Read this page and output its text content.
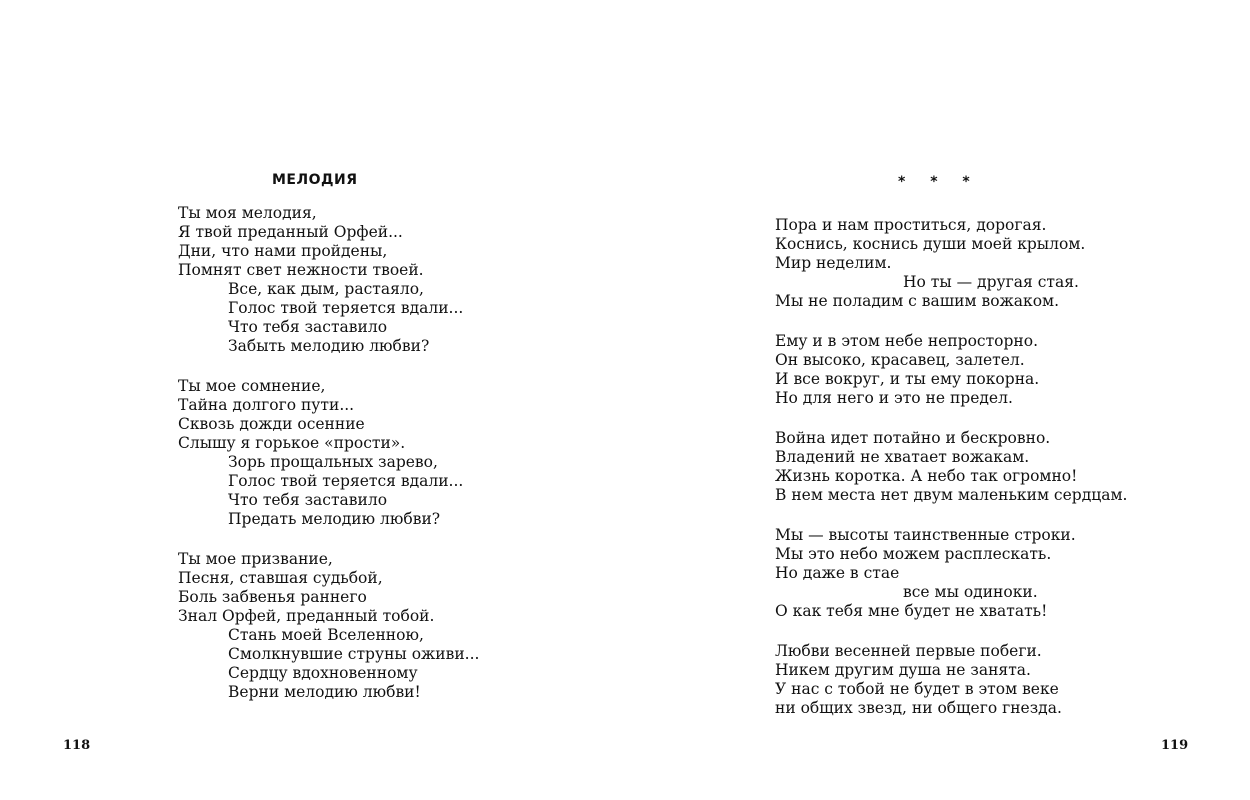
МЕЛОДИЯ
Ты моя мелодия,
Я твой преданный Орфей...
Дни, что нами пройдены,
Помнят свет нежности твоей.
Все, как дым, растаяло,
Голос твой теряется вдали...
Что тебя заставило
Забыть мелодию любви?
Ты мое сомнение,
Тайна долгого пути...
Сквозь дожди осенние
Слышу я горькое «прости».
Зорь прощальных зарево,
Голос твой теряется вдали...
Что тебя заставило
Предать мелодию любви?
Ты мое призвание,
Песня, ставшая судьбой,
Боль забвенья раннего
Знал Орфей, преданный тобой.
Стань моей Вселенною,
Смолкнувшие струны оживи...
Сердцу вдохновенному
Верни мелодию любви!
118
* * *
Пора и нам проститься, дорогая.
Коснись, коснись души моей крылом.
Мир неделим.
Но ты — другая стая.
Мы не поладим с вашим вожаком.
Ему и в этом небе непросторно.
Он высоко, красавец, залетел.
И все вокруг, и ты ему покорна.
Но для него и это не предел.
Война идет потайно и бескровно.
Владений не хватает вожакам.
Жизнь коротка. А небо так огромно!
В нем места нет двум маленьким сердцам.
Мы — высоты таинственные строки.
Мы это небо можем расплескать.
Но даже в стае
все мы одиноки.
О как тебя мне будет не хватать!
Любви весенней первые побеги.
Никем другим душа не занята.
У нас с тобой не будет в этом веке
ни общих звезд, ни общего гнезда.
119
